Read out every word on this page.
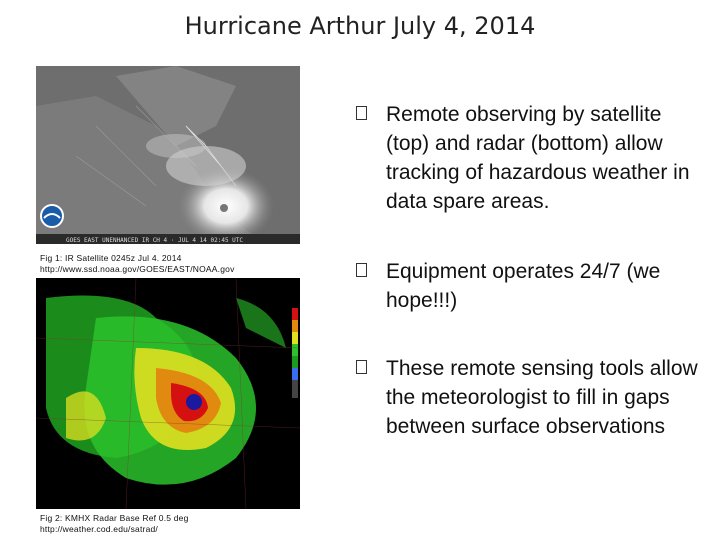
Hurricane Arthur July 4, 2014
GOES EAST UNENHANCED IR CH 4 · JUL 4 14 02:45 UTC
Fig 1: IR Satellite 0245z Jul 4. 2014
http://www.ssd.noaa.gov/GOES/EAST/NOAA.gov
Fig 2: KMHX Radar Base Ref 0.5 deg
http://weather.cod.edu/satrad/
Remote observing by satellite (top) and radar (bottom) allow tracking of hazardous weather in data spare areas.
Equipment operates 24/7 (we hope!!!)
These remote sensing tools allow the meteorologist to fill in gaps between surface observations
